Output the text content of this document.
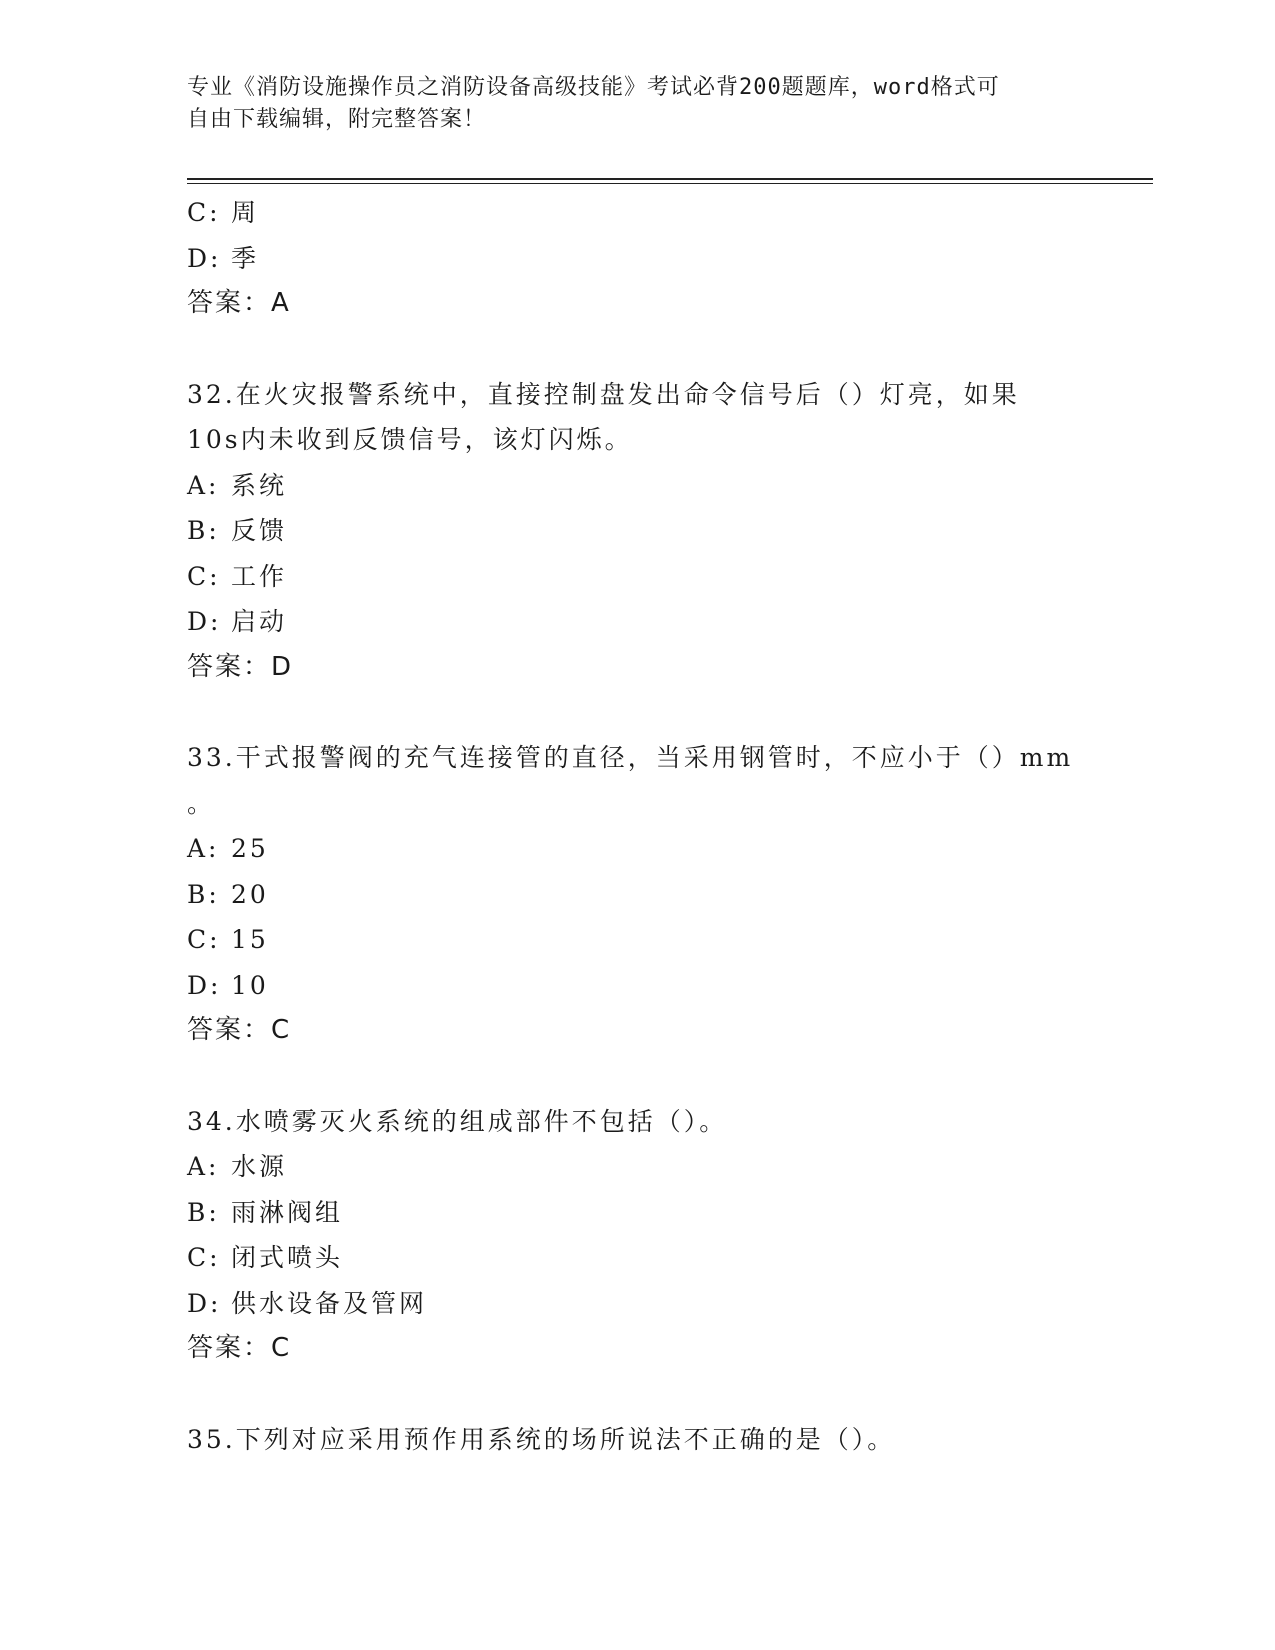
专业《消防设施操作员之消防设备高级技能》考试必背200题题库，word格式可
自由下载编辑，附完整答案！
C: 周
D: 季
答案：A
32.在火灾报警系统中，直接控制盘发出命令信号后（）灯亮，如果
10s内未收到反馈信号，该灯闪烁。
A: 系统
B: 反馈
C: 工作
D: 启动
答案：D
33.干式报警阀的充气连接管的直径，当采用钢管时，不应小于（）mm
。
A: 25
B: 20
C: 15
D: 10
答案：C
34.水喷雾灭火系统的组成部件不包括（）。
A: 水源
B: 雨淋阀组
C: 闭式喷头
D: 供水设备及管网
答案：C
35.下列对应采用预作用系统的场所说法不正确的是（）。
